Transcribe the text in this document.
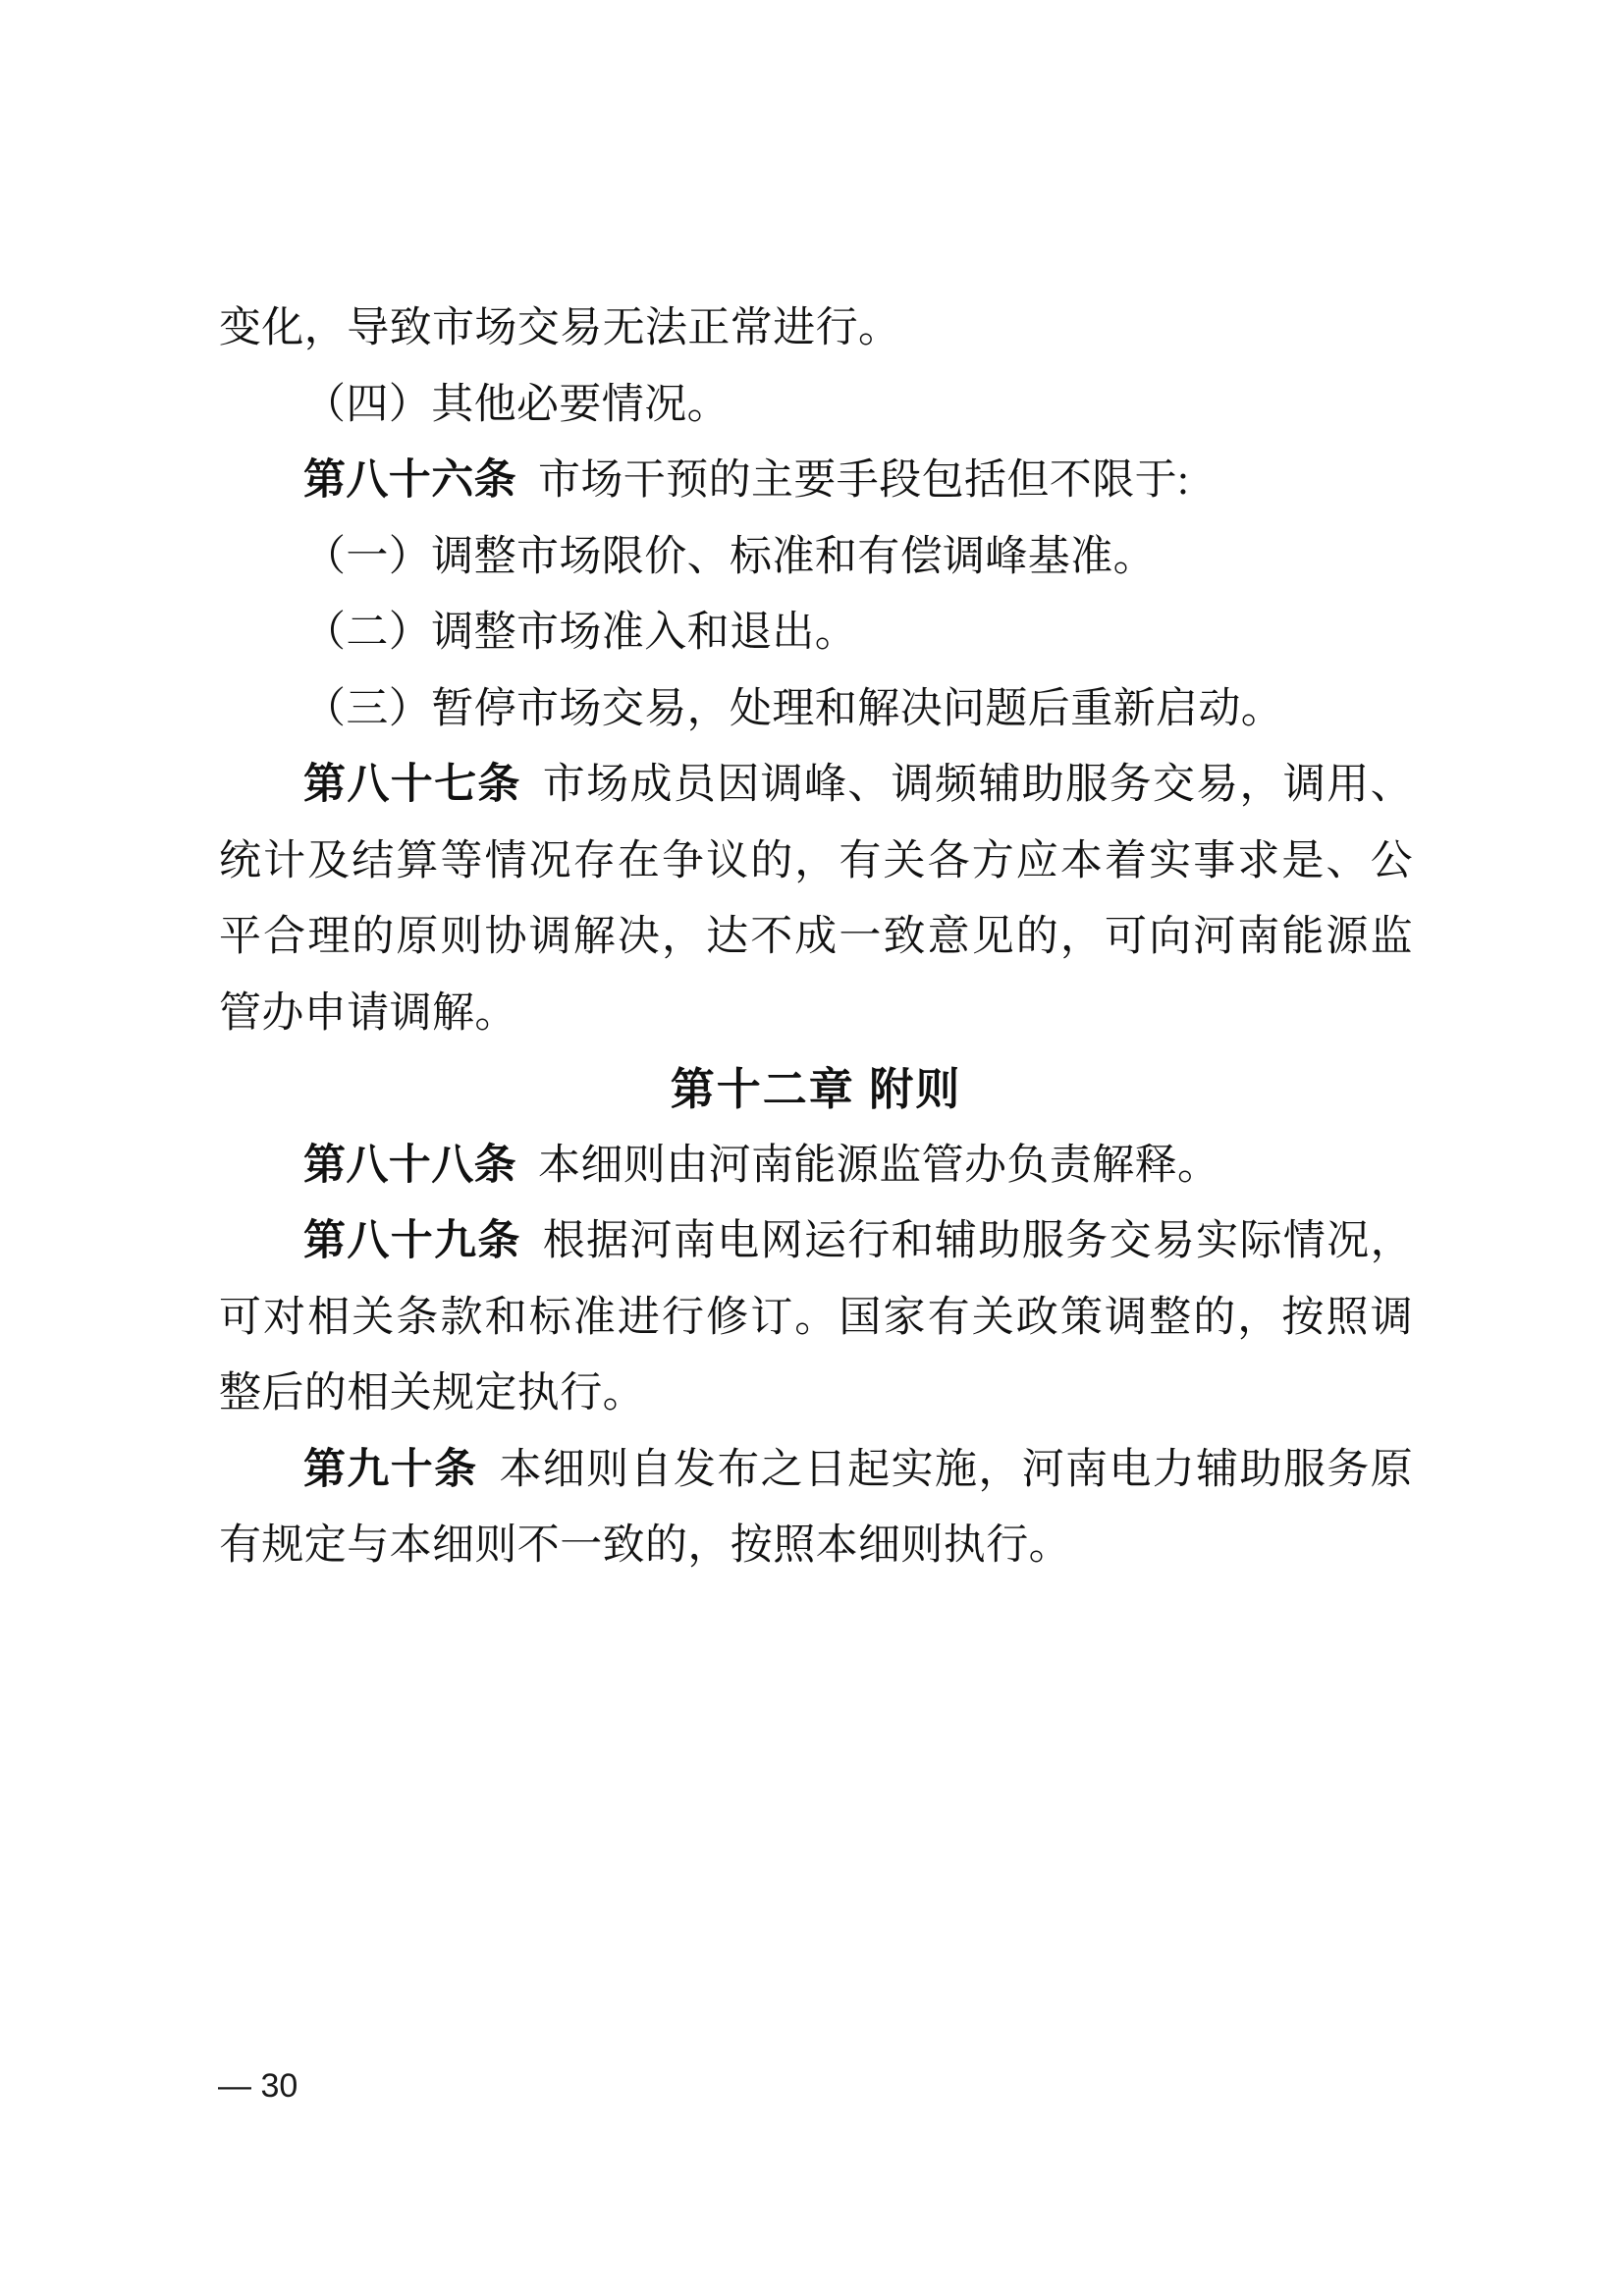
变化，导致市场交易无法正常进行。
（四）其他必要情况。
第八十六条 市场干预的主要手段包括但不限于:
（一）调整市场限价、标准和有偿调峰基准。
（二）调整市场准入和退出。
（三）暂停市场交易，处理和解决问题后重新启动。
第八十七条 市场成员因调峰、调频辅助服务交易，调用、
统计及结算等情况存在争议的，有关各方应本着实事求是、公
平合理的原则协调解决，达不成一致意见的，可向河南能源监
管办申请调解。
第十二章 附则
第八十八条 本细则由河南能源监管办负责解释。
第八十九条 根据河南电网运行和辅助服务交易实际情况，
可对相关条款和标准进行修订。国家有关政策调整的，按照调
整后的相关规定执行。
第九十条 本细则自发布之日起实施，河南电力辅助服务原
有规定与本细则不一致的，按照本细则执行。
— 30
